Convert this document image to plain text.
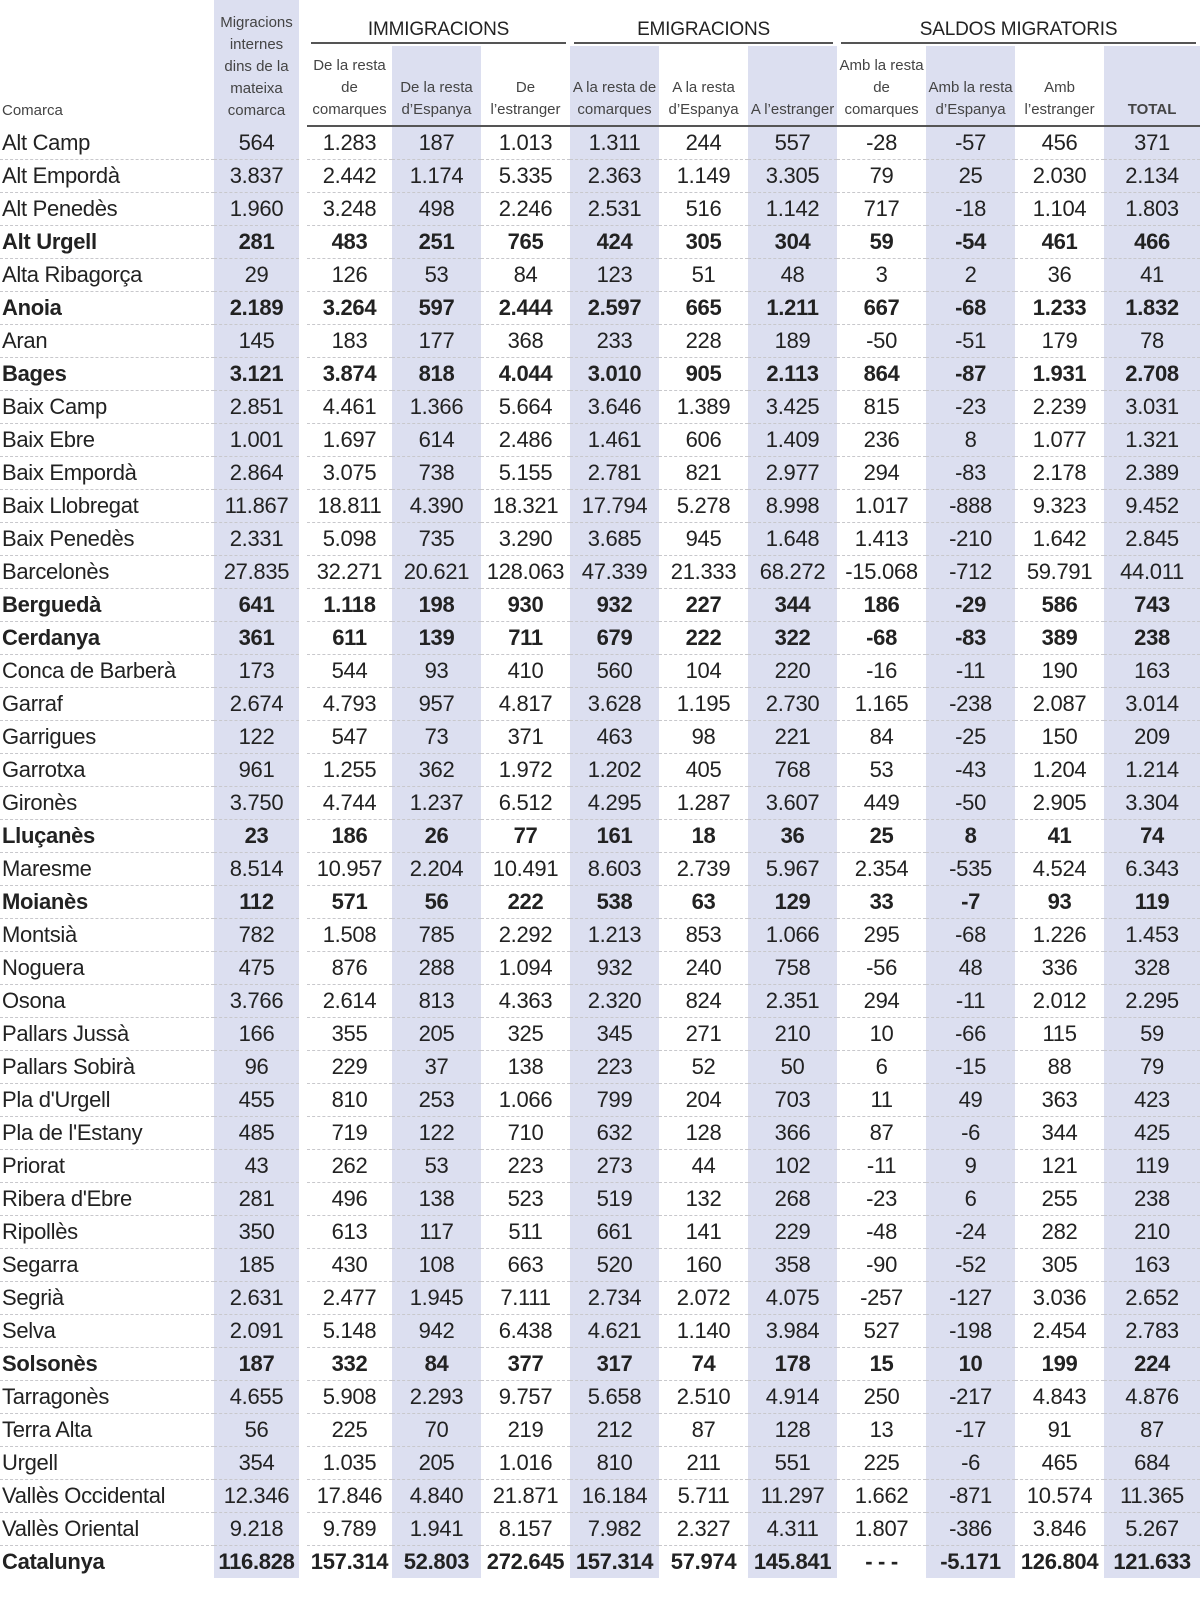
Comarca	Migracions internes dins de la mateixa comarca	IMMIGRACIONS			EMIGRACIONS			SALDOS MIGRATORIS			

		De la resta de comarques	De la resta d’Espanya	De l’estranger	A la resta de comarques	A la resta d’Espanya	A l’estranger	Amb la resta de comarques	Amb la resta d’Espanya	Amb l’estranger	TOTAL
Alt Camp	564	1.283	187	1.013	1.311	244	557	-28	-57	456	371
Alt Empordà	3.837	2.442	1.174	5.335	2.363	1.149	3.305	79	25	2.030	2.134
Alt Penedès	1.960	3.248	498	2.246	2.531	516	1.142	717	-18	1.104	1.803
Alt Urgell	281	483	251	765	424	305	304	59	-54	461	466
Alta Ribagorça	29	126	53	84	123	51	48	3	2	36	41
Anoia	2.189	3.264	597	2.444	2.597	665	1.211	667	-68	1.233	1.832
Aran	145	183	177	368	233	228	189	-50	-51	179	78
Bages	3.121	3.874	818	4.044	3.010	905	2.113	864	-87	1.931	2.708
Baix Camp	2.851	4.461	1.366	5.664	3.646	1.389	3.425	815	-23	2.239	3.031
Baix Ebre	1.001	1.697	614	2.486	1.461	606	1.409	236	8	1.077	1.321
Baix Empordà	2.864	3.075	738	5.155	2.781	821	2.977	294	-83	2.178	2.389
Baix Llobregat	11.867	18.811	4.390	18.321	17.794	5.278	8.998	1.017	-888	9.323	9.452
Baix Penedès	2.331	5.098	735	3.290	3.685	945	1.648	1.413	-210	1.642	2.845
Barcelonès	27.835	32.271	20.621	128.063	47.339	21.333	68.272	-15.068	-712	59.791	44.011
Berguedà	641	1.118	198	930	932	227	344	186	-29	586	743
Cerdanya	361	611	139	711	679	222	322	-68	-83	389	238
Conca de Barberà	173	544	93	410	560	104	220	-16	-11	190	163
Garraf	2.674	4.793	957	4.817	3.628	1.195	2.730	1.165	-238	2.087	3.014
Garrigues	122	547	73	371	463	98	221	84	-25	150	209
Garrotxa	961	1.255	362	1.972	1.202	405	768	53	-43	1.204	1.214
Gironès	3.750	4.744	1.237	6.512	4.295	1.287	3.607	449	-50	2.905	3.304
Lluçanès	23	186	26	77	161	18	36	25	8	41	74
Maresme	8.514	10.957	2.204	10.491	8.603	2.739	5.967	2.354	-535	4.524	6.343
Moianès	112	571	56	222	538	63	129	33	-7	93	119
Montsià	782	1.508	785	2.292	1.213	853	1.066	295	-68	1.226	1.453
Noguera	475	876	288	1.094	932	240	758	-56	48	336	328
Osona	3.766	2.614	813	4.363	2.320	824	2.351	294	-11	2.012	2.295
Pallars Jussà	166	355	205	325	345	271	210	10	-66	115	59
Pallars Sobirà	96	229	37	138	223	52	50	6	-15	88	79
Pla d'Urgell	455	810	253	1.066	799	204	703	11	49	363	423
Pla de l'Estany	485	719	122	710	632	128	366	87	-6	344	425
Priorat	43	262	53	223	273	44	102	-11	9	121	119
Ribera d'Ebre	281	496	138	523	519	132	268	-23	6	255	238
Ripollès	350	613	117	511	661	141	229	-48	-24	282	210
Segarra	185	430	108	663	520	160	358	-90	-52	305	163
Segrià	2.631	2.477	1.945	7.111	2.734	2.072	4.075	-257	-127	3.036	2.652
Selva	2.091	5.148	942	6.438	4.621	1.140	3.984	527	-198	2.454	2.783
Solsonès	187	332	84	377	317	74	178	15	10	199	224
Tarragonès	4.655	5.908	2.293	9.757	5.658	2.510	4.914	250	-217	4.843	4.876
Terra Alta	56	225	70	219	212	87	128	13	-17	91	87
Urgell	354	1.035	205	1.016	810	211	551	225	-6	465	684
Vallès Occidental	12.346	17.846	4.840	21.871	16.184	5.711	11.297	1.662	-871	10.574	11.365
Vallès Oriental	9.218	9.789	1.941	8.157	7.982	2.327	4.311	1.807	-386	3.846	5.267
Catalunya	116.828	157.314	52.803	272.645	157.314	57.974	145.841	- - -	-5.171	126.804	121.633
